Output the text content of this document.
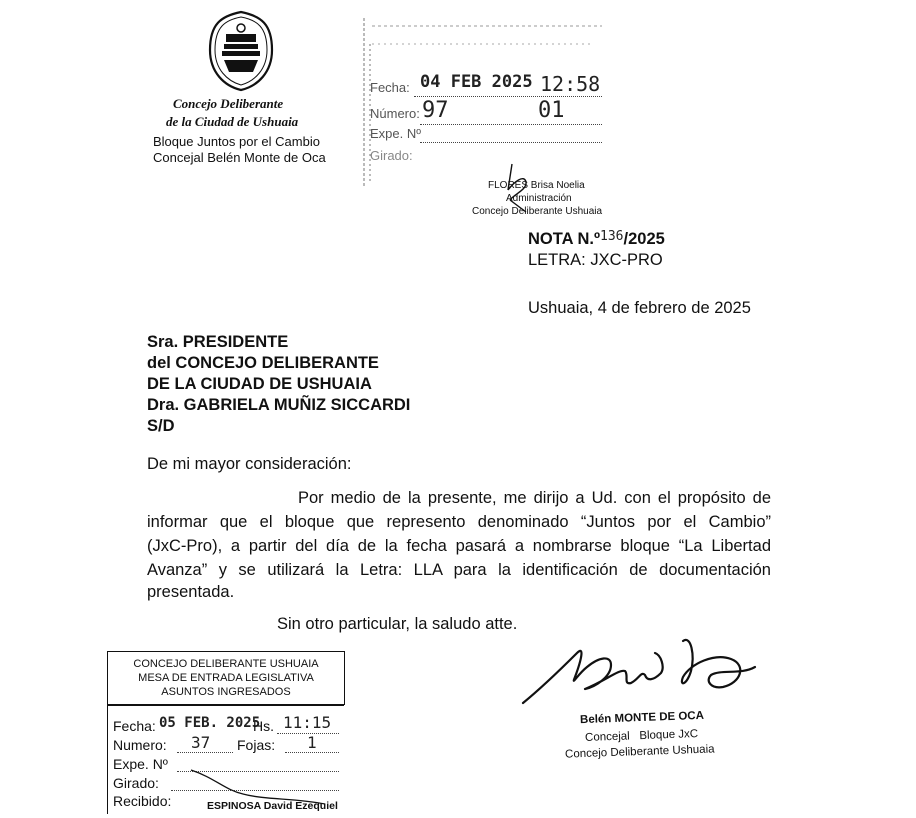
Concejo Deliberante
de la Ciudad de Ushuaia
Bloque Juntos por el Cambio
Concejal Belén Monte de Oca
Fecha: 04 FEB 2025 12:58
Número: 97	01
Expe. Nº
Girado:
FLORES Brisa Noelia
Administración
Concejo Deliberante Ushuaia
NOTA N.º$^{136}$/2025
LETRA: JXC-PRO
Ushuaia, 4 de febrero de 2025
Sra. PRESIDENTE
del CONCEJO DELIBERANTE
DE LA CIUDAD DE USHUAIA
Dra. GABRIELA MUÑIZ SICCARDI
S/D
De mi mayor consideración:
Por medio de la presente, me dirijo a Ud. con el propósito de
informar que el bloque que represento denominado “Juntos por el Cambio”
(JxC-Pro), a partir del día de la fecha pasará a nombrarse bloque “La Libertad
Avanza” y se utilizará la Letra: LLA para la identificación de documentación
presentada.
Sin otro particular, la saludo atte.
CONCEJO DELIBERANTE USHUAIA
MESA DE ENTRADA LEGISLATIVA
ASUNTOS INGRESADOS
Fecha: 05 FEB. 2025
Hs. 11:15
Numero: 37 Fojas: 1
Expe. Nº
Girado:
Recibido:	ESPINOSA David Ezequiel
Belén MONTE DE OCA
Concejal   Bloque JxC
Concejo Deliberante Ushuaia
